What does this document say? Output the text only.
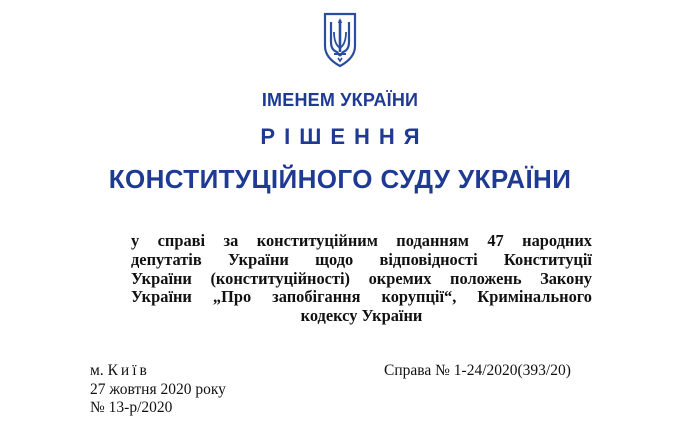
ІМЕНЕМ УКРАЇНИ
РІШЕННЯ
КОНСТИТУЦІЙНОГО СУДУ УКРАЇНИ
у справі за конституційним поданням 47 народних
депутатів України щодо відповідності Конституції
України (конституційності) окремих положень Закону
України „Про запобігання корупції“, Кримінального
кодексу України
м. Київ
27 жовтня 2020 року
№ 13-р/2020
Справа № 1-24/2020(393/20)
